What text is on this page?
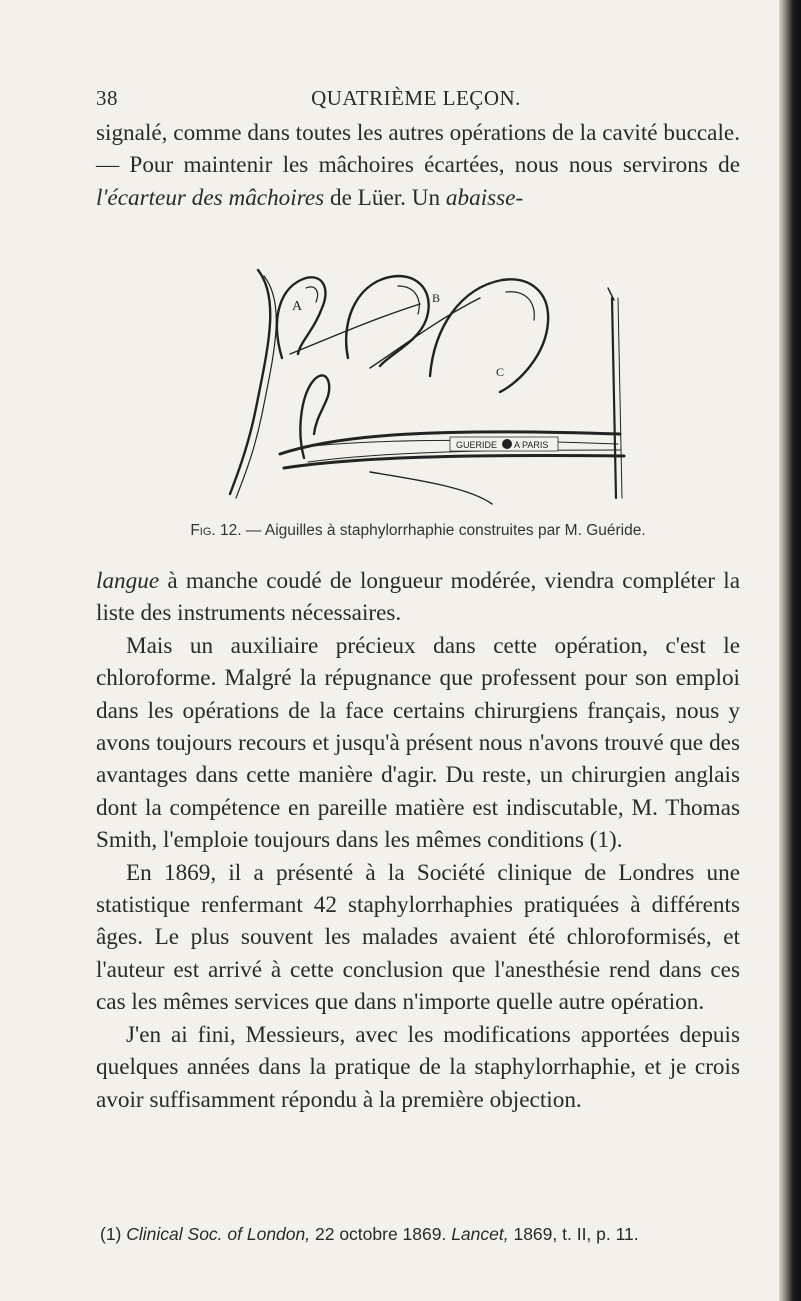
38	QUATRIÈME LEÇON.

signalé, comme dans toutes les autres opérations de la cavité buccale. — Pour maintenir les mâchoires écartées, nous nous servirons de l'écarteur des mâchoires de Lüer. Un abaisse-

GUERIDE A PARIS
A
B
C
Fig. 12. — Aiguilles à staphylorrhaphie construites par M. Guéride.

langue à manche coudé de longueur modérée, viendra compléter la liste des instruments nécessaires.

Mais un auxiliaire précieux dans cette opération, c'est le chloroforme. Malgré la répugnance que professent pour son emploi dans les opérations de la face certains chirurgiens français, nous y avons toujours recours et jusqu'à présent nous n'avons trouvé que des avantages dans cette manière d'agir. Du reste, un chirurgien anglais dont la compétence en pareille matière est indiscutable, M. Thomas Smith, l'emploie toujours dans les mêmes conditions (1).

En 1869, il a présenté à la Société clinique de Londres une statistique renfermant 42 staphylorrhaphies pratiquées à différents âges. Le plus souvent les malades avaient été chloroformisés, et l'auteur est arrivé à cette conclusion que l'anesthésie rend dans ces cas les mêmes services que dans n'importe quelle autre opération.

J'en ai fini, Messieurs, avec les modifications apportées depuis quelques années dans la pratique de la staphylorrhaphie, et je crois avoir suffisamment répondu à la première objection.

(1) Clinical Soc. of London, 22 octobre 1869. Lancet, 1869, t. II, p. 11.
